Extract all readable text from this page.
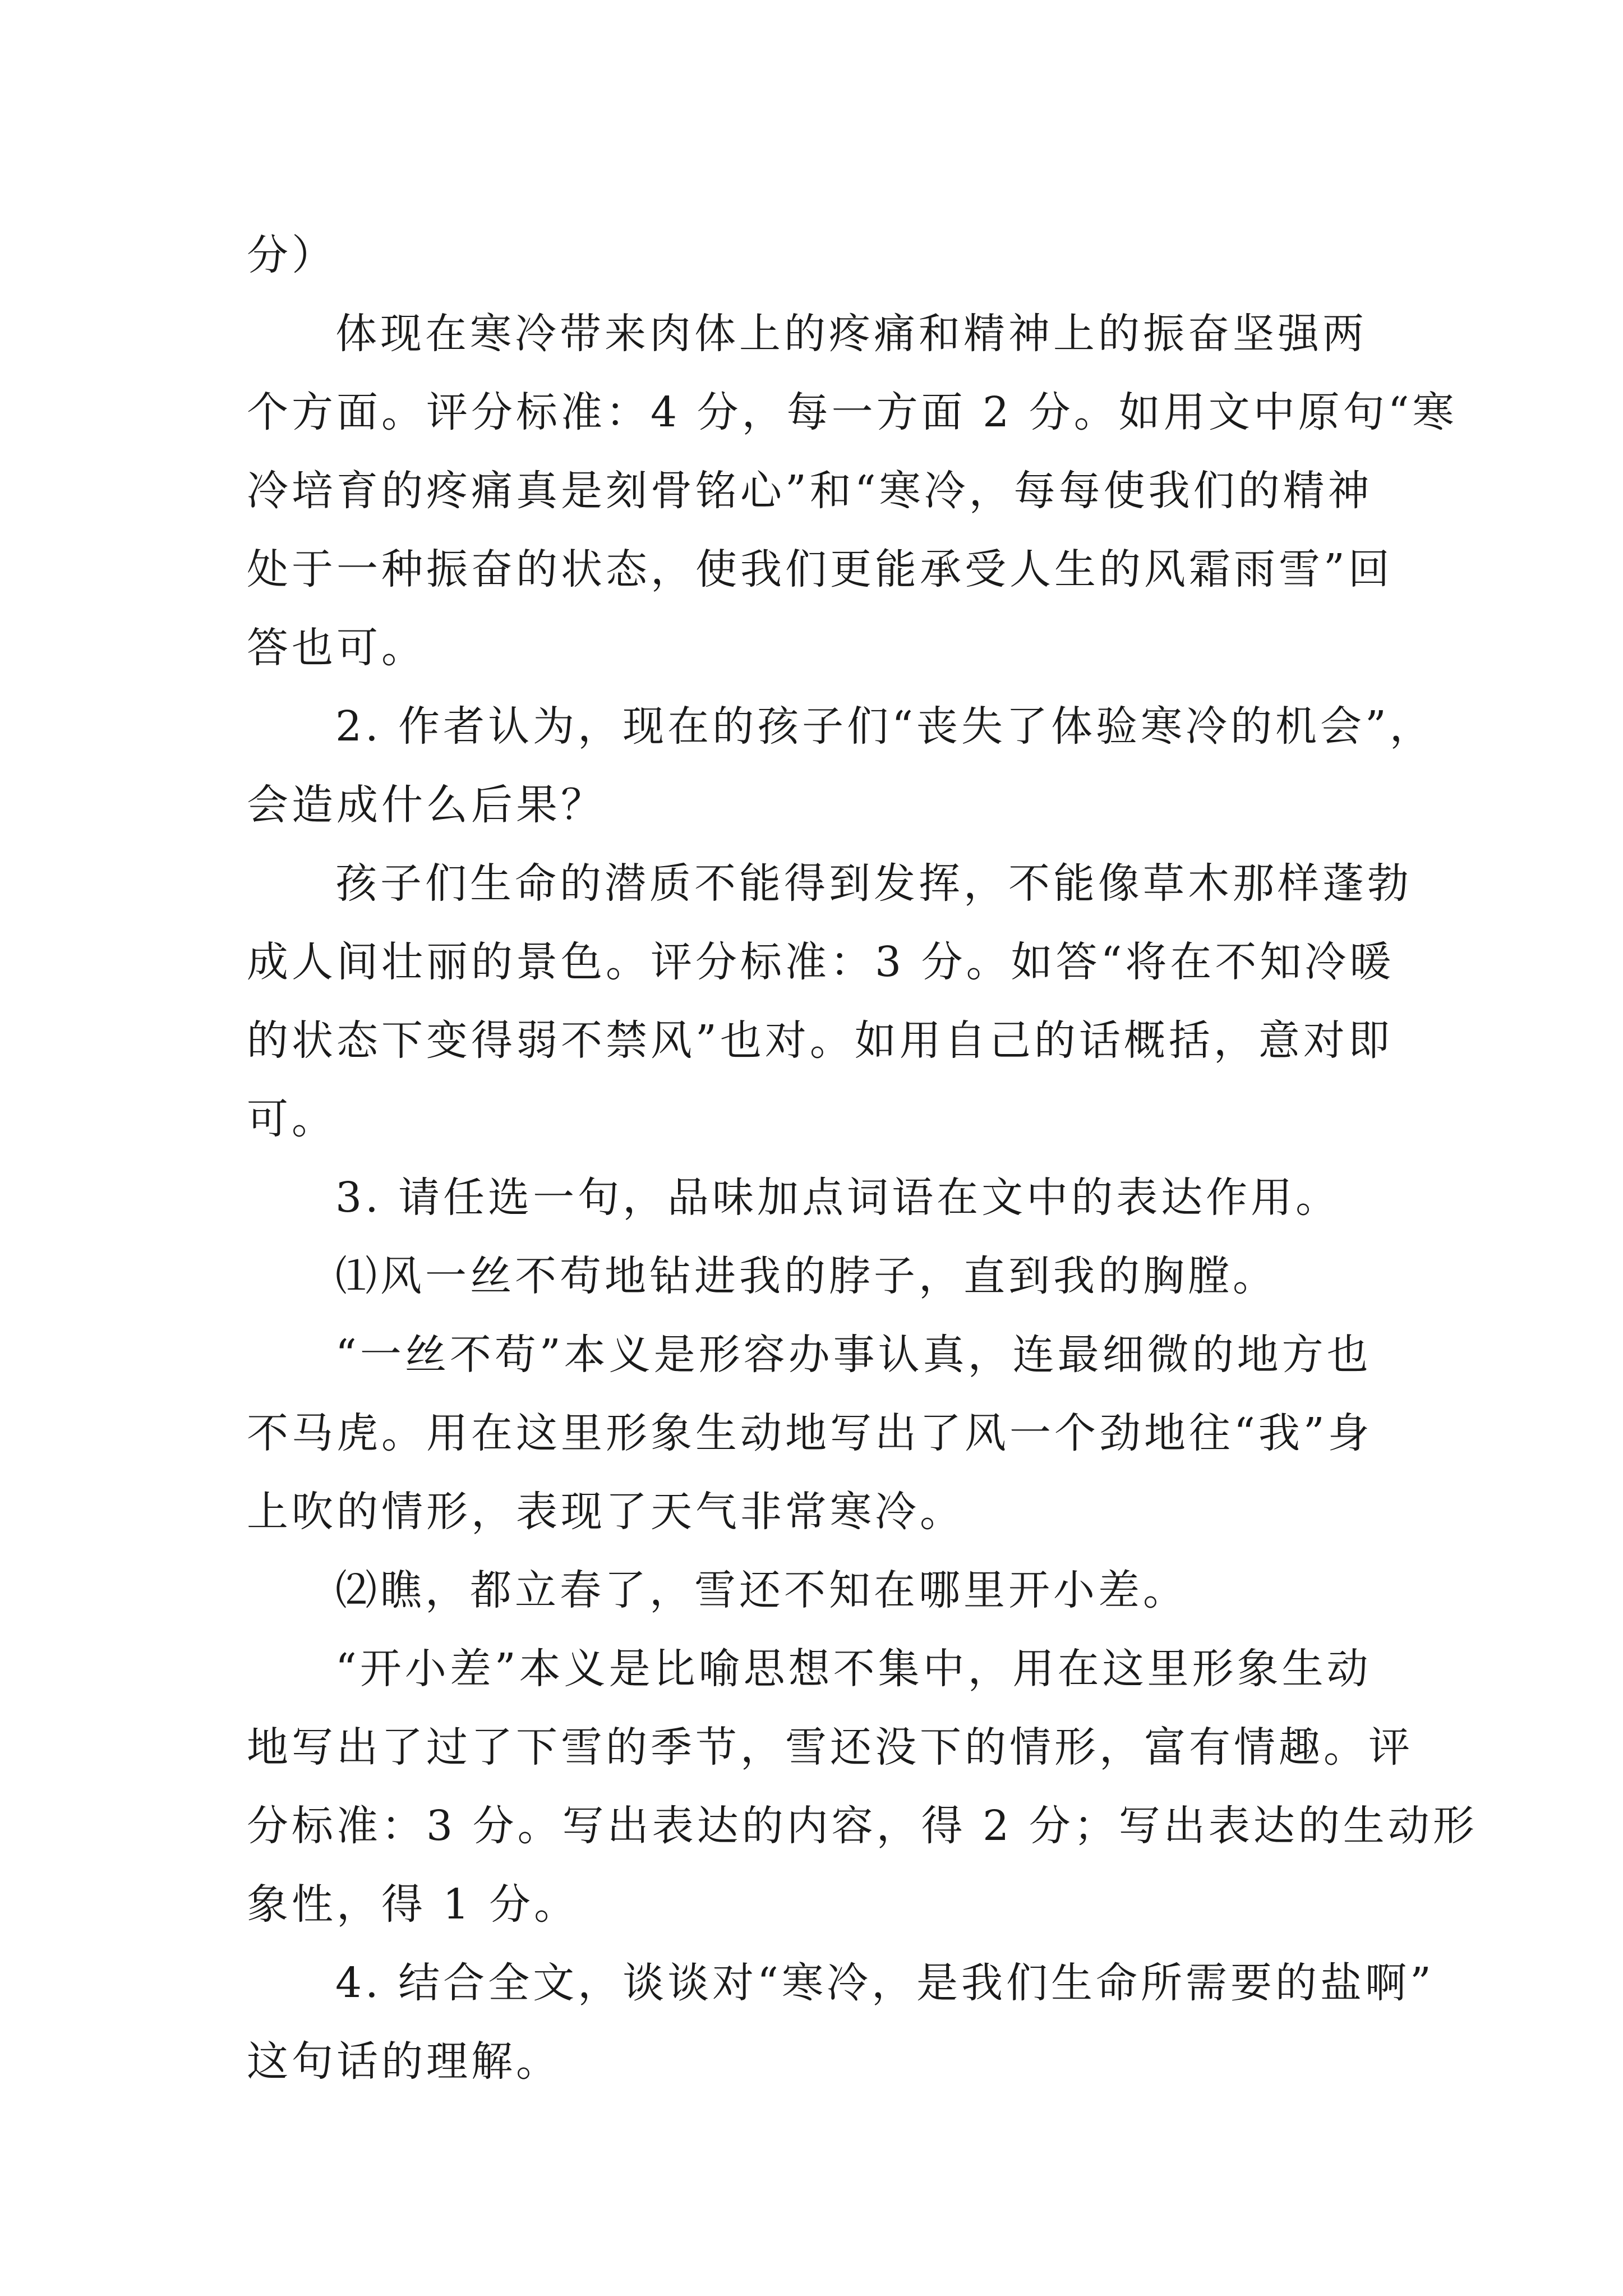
分）
体现在寒冷带来肉体上的疼痛和精神上的振奋坚强两
个方面。评分标准：4 分，每一方面 2 分。如用文中原句“寒
冷培育的疼痛真是刻骨铭心”和“寒冷，每每使我们的精神
处于一种振奋的状态，使我们更能承受人生的风霜雨雪”回
答也可。
2. 作者认为，现在的孩子们“丧失了体验寒冷的机会”，
会造成什么后果？
孩子们生命的潜质不能得到发挥，不能像草木那样蓬勃
成人间壮丽的景色。评分标准：3 分。如答“将在不知冷暖
的状态下变得弱不禁风”也对。如用自己的话概括，意对即
可。
3. 请任选一句，品味加点词语在文中的表达作用。
⑴风一丝不苟地钻进我的脖子，直到我的胸膛。
“一丝不苟”本义是形容办事认真，连最细微的地方也
不马虎。用在这里形象生动地写出了风一个劲地往“我”身
上吹的情形，表现了天气非常寒冷。
⑵瞧，都立春了，雪还不知在哪里开小差。
“开小差”本义是比喻思想不集中，用在这里形象生动
地写出了过了下雪的季节，雪还没下的情形，富有情趣。评
分标准：3 分。写出表达的内容，得 2 分；写出表达的生动形
象性，得 1 分。
4. 结合全文，谈谈对“寒冷，是我们生命所需要的盐啊”
这句话的理解。
